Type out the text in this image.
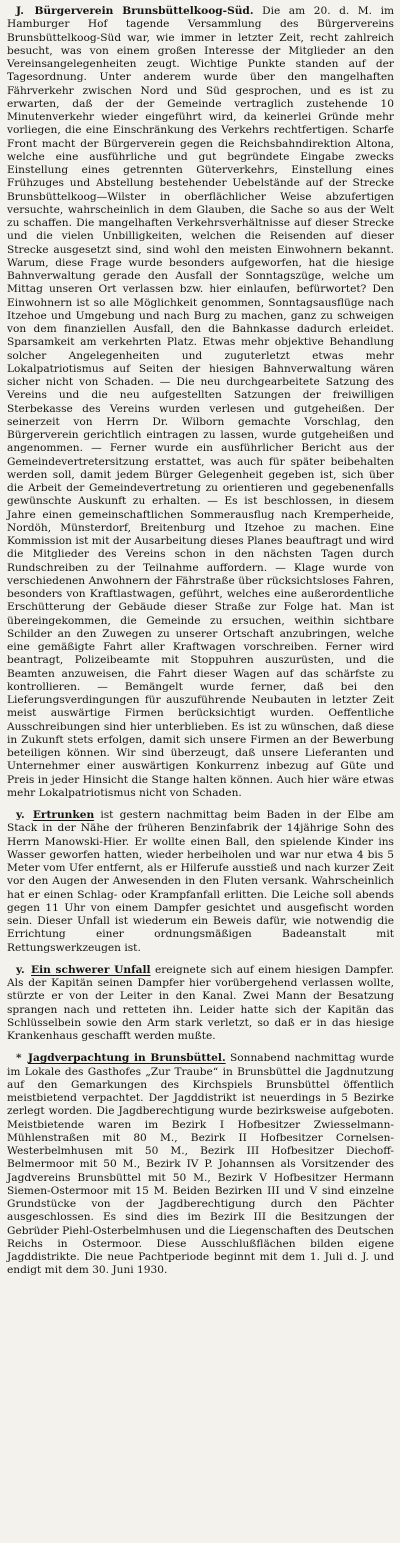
J. Bürgerverein Brunsbüttelkoog-Süd. Die am 20. d. M. im Hamburger Hof tagende Versammlung des Bürgervereins Brunsbüttelkoog-Süd war, wie immer in letzter Zeit, recht zahlreich besucht, was von einem großen Interesse der Mitglieder an den Vereinsangelegenheiten zeugt. Wichtige Punkte standen auf der Tagesordnung. Unter anderem wurde über den mangelhaften Fährverkehr zwischen Nord und Süd gesprochen, und es ist zu erwarten, daß der der Gemeinde vertraglich zustehende 10 Minutenverkehr wieder eingeführt wird, da keinerlei Gründe mehr vorliegen, die eine Einschränkung des Verkehrs rechtfertigen. Scharfe Front macht der Bürgerverein gegen die Reichsbahndirektion Altona, welche eine ausführliche und gut begründete Eingabe zwecks Einstellung eines getrennten Güterverkehrs, Einstellung eines Frühzuges und Abstellung bestehender Uebelstände auf der Strecke Brunsbüttelkoog—Wilster in oberflächlicher Weise abzufertigen versuchte, wahrscheinlich in dem Glauben, die Sache so aus der Welt zu schaffen. Die mangelhaften Verkehrsverhältnisse auf dieser Strecke und die vielen Unbilligkeiten, welchen die Reisenden auf dieser Strecke ausgesetzt sind, sind wohl den meisten Einwohnern bekannt. Warum, diese Frage wurde besonders aufgeworfen, hat die hiesige Bahnverwaltung gerade den Ausfall der Sonntagszüge, welche um Mittag unseren Ort verlassen bzw. hier einlaufen, befürwortet? Den Einwohnern ist so alle Möglichkeit genommen, Sonntagsausflüge nach Itzehoe und Umgebung und nach Burg zu machen, ganz zu schweigen von dem finanziellen Ausfall, den die Bahnkasse dadurch erleidet. Sparsamkeit am verkehrten Platz. Etwas mehr objektive Behandlung solcher Angelegenheiten und zuguterletzt etwas mehr Lokalpatriotismus auf Seiten der hiesigen Bahnverwaltung wären sicher nicht von Schaden. — Die neu durchgearbeitete Satzung des Vereins und die neu aufgestellten Satzungen der freiwilligen Sterbekasse des Vereins wurden verlesen und gutgeheißen. Der seinerzeit von Herrn Dr. Wilborn gemachte Vorschlag, den Bürgerverein gerichtlich eintragen zu lassen, wurde gutgeheißen und angenommen. — Ferner wurde ein ausführlicher Bericht aus der Gemeindevertretersitzung erstattet, was auch für später beibehalten werden soll, damit jedem Bürger Gelegenheit gegeben ist, sich über die Arbeit der Gemeindevertretung zu orientieren und gegebenenfalls gewünschte Auskunft zu erhalten. — Es ist beschlossen, in diesem Jahre einen gemeinschaftlichen Sommerausflug nach Kremperheide, Nordöh, Münsterdorf, Breitenburg und Itzehoe zu machen. Eine Kommission ist mit der Ausarbeitung dieses Planes beauftragt und wird die Mitglieder des Vereins schon in den nächsten Tagen durch Rundschreiben zu der Teilnahme auffordern. — Klage wurde von verschiedenen Anwohnern der Fährstraße über rücksichtsloses Fahren, besonders von Kraftlastwagen, geführt, welches eine außerordentliche Erschütterung der Gebäude dieser Straße zur Folge hat. Man ist übereingekommen, die Gemeinde zu ersuchen, weithin sichtbare Schilder an den Zuwegen zu unserer Ortschaft anzubringen, welche eine gemäßigte Fahrt aller Kraftwagen vorschreiben. Ferner wird beantragt, Polizeibeamte mit Stoppuhren auszurüsten, und die Beamten anzuweisen, die Fahrt dieser Wagen auf das schärfste zu kontrollieren. — Bemängelt wurde ferner, daß bei den Lieferungsverdingungen für auszuführende Neubauten in letzter Zeit meist auswärtige Firmen berücksichtigt wurden. Oeffentliche Ausschreibungen sind hier unterblieben. Es ist zu wünschen, daß diese in Zukunft stets erfolgen, damit sich unsere Firmen an der Bewerbung beteiligen können. Wir sind überzeugt, daß unsere Lieferanten und Unternehmer einer auswärtigen Konkurrenz inbezug auf Güte und Preis in jeder Hinsicht die Stange halten können. Auch hier wäre etwas mehr Lokalpatriotismus nicht von Schaden.

y. Ertrunken ist gestern nachmittag beim Baden in der Elbe am Stack in der Nähe der früheren Benzinfabrik der 14jährige Sohn des Herrn Manowski-Hier. Er wollte einen Ball, den spielende Kinder ins Wasser geworfen hatten, wieder herbeiholen und war nur etwa 4 bis 5 Meter vom Ufer entfernt, als er Hilferufe ausstieß und nach kurzer Zeit vor den Augen der Anwesenden in den Fluten versank. Wahrscheinlich hat er einen Schlag- oder Krampfanfall erlitten. Die Leiche soll abends gegen 11 Uhr von einem Dampfer gesichtet und ausgefischt worden sein. Dieser Unfall ist wiederum ein Beweis dafür, wie notwendig die Errichtung einer ordnungsmäßigen Badeanstalt mit Rettungswerkzeugen ist.

y. Ein schwerer Unfall ereignete sich auf einem hiesigen Dampfer. Als der Kapitän seinen Dampfer hier vorübergehend verlassen wollte, stürzte er von der Leiter in den Kanal. Zwei Mann der Besatzung sprangen nach und retteten ihn. Leider hatte sich der Kapitän das Schlüsselbein sowie den Arm stark verletzt, so daß er in das hiesige Krankenhaus geschafft werden mußte.

* Jagdverpachtung in Brunsbüttel. Sonnabend nachmittag wurde im Lokale des Gasthofes „Zur Traube“ in Brunsbüttel die Jagdnutzung auf den Gemarkungen des Kirchspiels Brunsbüttel öffentlich meistbietend verpachtet. Der Jagddistrikt ist neuerdings in 5 Bezirke zerlegt worden. Die Jagdberechtigung wurde bezirksweise aufgeboten. Meistbietende waren im Bezirk I Hofbesitzer Zwiesselmann-Mühlenstraßen mit 80 M., Bezirk II Hofbesitzer Cornelsen-Westerbelmhusen mit 50 M., Bezirk III Hofbesitzer Diechoff-Belmermoor mit 50 M., Bezirk IV P. Johannsen als Vorsitzender des Jagdvereins Brunsbüttel mit 50 M., Bezirk V Hofbesitzer Hermann Siemen-Ostermoor mit 15 M. Beiden Bezirken III und V sind einzelne Grundstücke von der Jagdberechtigung durch den Pächter ausgeschlossen. Es sind dies im Bezirk III die Besitzungen der Gebrüder Piehl-Osterbelmhusen und die Liegenschaften des Deutschen Reichs in Ostermoor. Diese Ausschlußflächen bilden eigene Jagddistrikte. Die neue Pachtperiode beginnt mit dem 1. Juli d. J. und endigt mit dem 30. Juni 1930.
